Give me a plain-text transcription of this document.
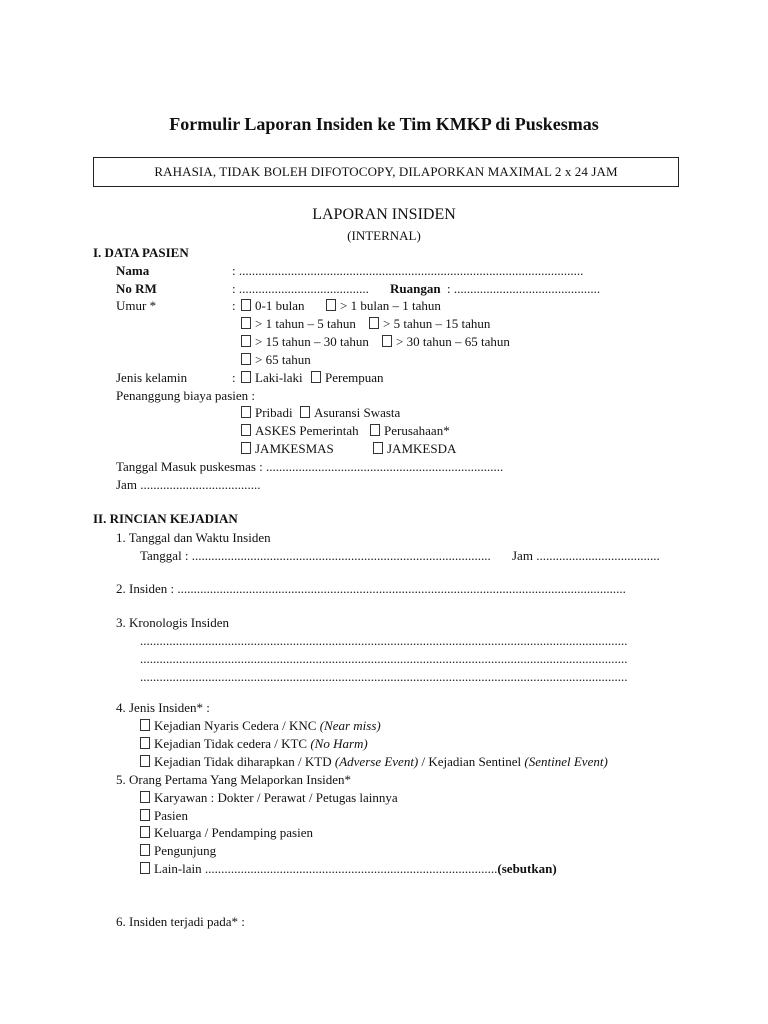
Formulir Laporan Insiden ke Tim KMKP di Puskesmas
RAHASIA, TIDAK BOLEH DIFOTOCOPY, DILAPORKAN MAXIMAL 2 x 24 JAM
LAPORAN INSIDEN
(INTERNAL)
I. DATA PASIEN
Nama	: ..........................................................................................................
No RM	: ........................................ Ruangan : .............................................
Umur *	:	0-1 bulan	> 1 bulan – 1 tahun
> 1 tahun – 5 tahun	> 5 tahun – 15 tahun
> 15 tahun – 30 tahun	> 30 tahun – 65 tahun
> 65 tahun
Jenis kelamin	:	Laki-laki	Perempuan
Penanggung biaya pasien :
Pribadi	Asuransi Swasta
ASKES Pemerintah	Perusahaan*
JAMKESMAS	JAMKESDA
Tanggal Masuk puskesmas : .........................................................................
Jam .....................................
II. RINCIAN KEJADIAN
1. Tanggal dan Waktu Insiden
Tanggal : ............................................................................................ Jam ......................................
2. Insiden : ..........................................................................................................................................
3. Kronologis Insiden
......................................................................................................................................................
......................................................................................................................................................
......................................................................................................................................................
4. Jenis Insiden* :
Kejadian Nyaris Cedera / KNC (Near miss)
Kejadian Tidak cedera / KTC (No Harm)
Kejadian Tidak diharapkan / KTD (Adverse Event) / Kejadian Sentinel (Sentinel Event)
5. Orang Pertama Yang Melaporkan Insiden*
Karyawan : Dokter / Perawat / Petugas lainnya
Pasien
Keluarga / Pendamping pasien
Pengunjung
Lain-lain ..........................................................................................(sebutkan)
6. Insiden terjadi pada* :
